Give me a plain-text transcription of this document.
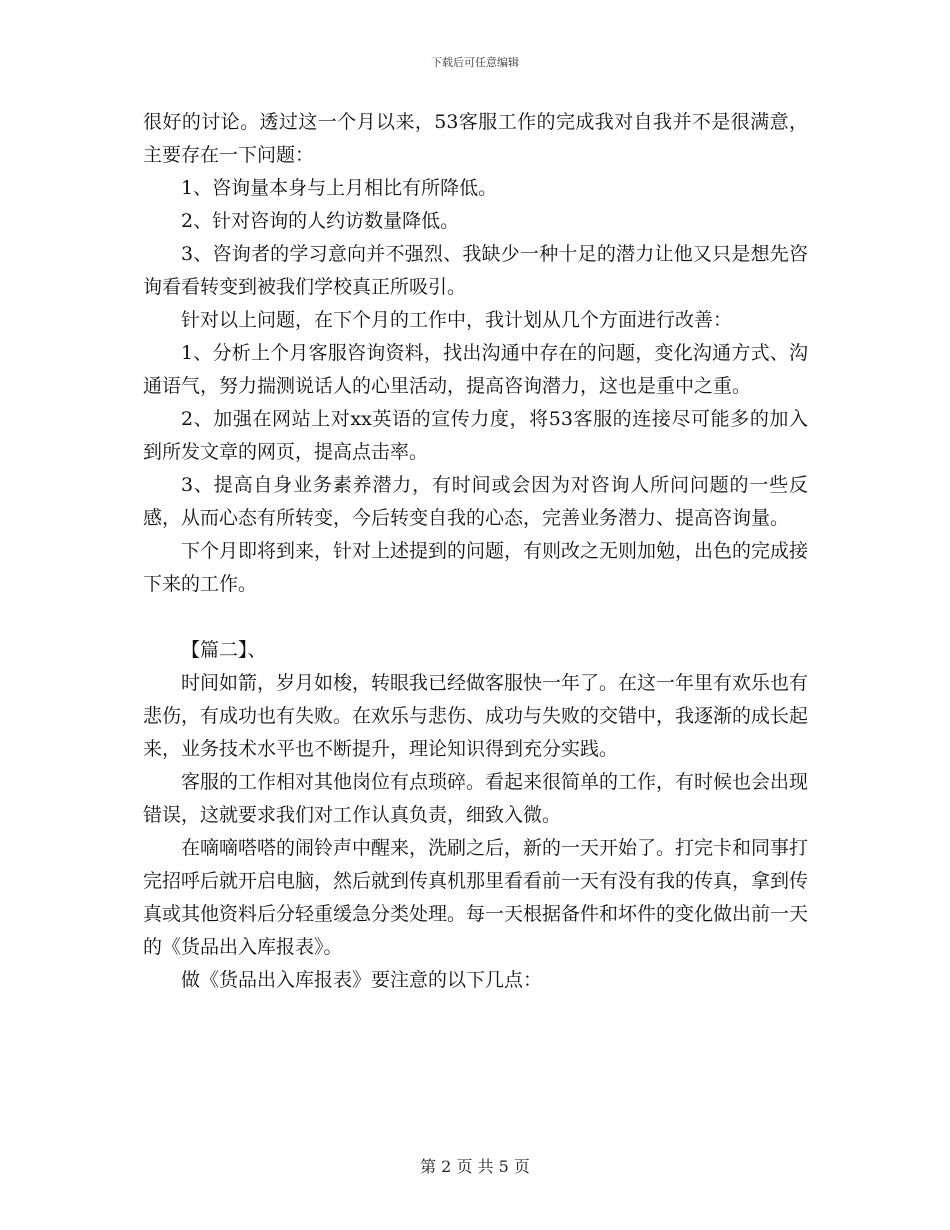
下载后可任意编辑

很好的讨论。透过这一个月以来，53客服工作的完成我对自我并不是很满意，主要存在一下问题：

1、咨询量本身与上月相比有所降低。

2、针对咨询的人约访数量降低。

3、咨询者的学习意向并不强烈、我缺少一种十足的潜力让他又只是想先咨询看看转变到被我们学校真正所吸引。

针对以上问题，在下个月的工作中，我计划从几个方面进行改善：

1、分析上个月客服咨询资料，找出沟通中存在的问题，变化沟通方式、沟通语气，努力揣测说话人的心里活动，提高咨询潜力，这也是重中之重。

2、加强在网站上对xx英语的宣传力度，将53客服的连接尽可能多的加入到所发文章的网页，提高点击率。

3、提高自身业务素养潜力，有时间或会因为对咨询人所问问题的一些反感，从而心态有所转变，今后转变自我的心态，完善业务潜力、提高咨询量。

下个月即将到来，针对上述提到的问题，有则改之无则加勉，出色的完成接下来的工作。

【篇二】、

时间如箭，岁月如梭，转眼我已经做客服快一年了。在这一年里有欢乐也有悲伤，有成功也有失败。在欢乐与悲伤、成功与失败的交错中，我逐渐的成长起来，业务技术水平也不断提升，理论知识得到充分实践。

客服的工作相对其他岗位有点琐碎。看起来很简单的工作，有时候也会出现错误，这就要求我们对工作认真负责，细致入微。

在嘀嘀嗒嗒的闹铃声中醒来，洗刷之后，新的一天开始了。打完卡和同事打完招呼后就开启电脑，然后就到传真机那里看看前一天有没有我的传真，拿到传真或其他资料后分轻重缓急分类处理。每一天根据备件和坏件的变化做出前一天的《货品出入库报表》。

做《货品出入库报表》要注意的以下几点：

第 2 页 共 5 页
